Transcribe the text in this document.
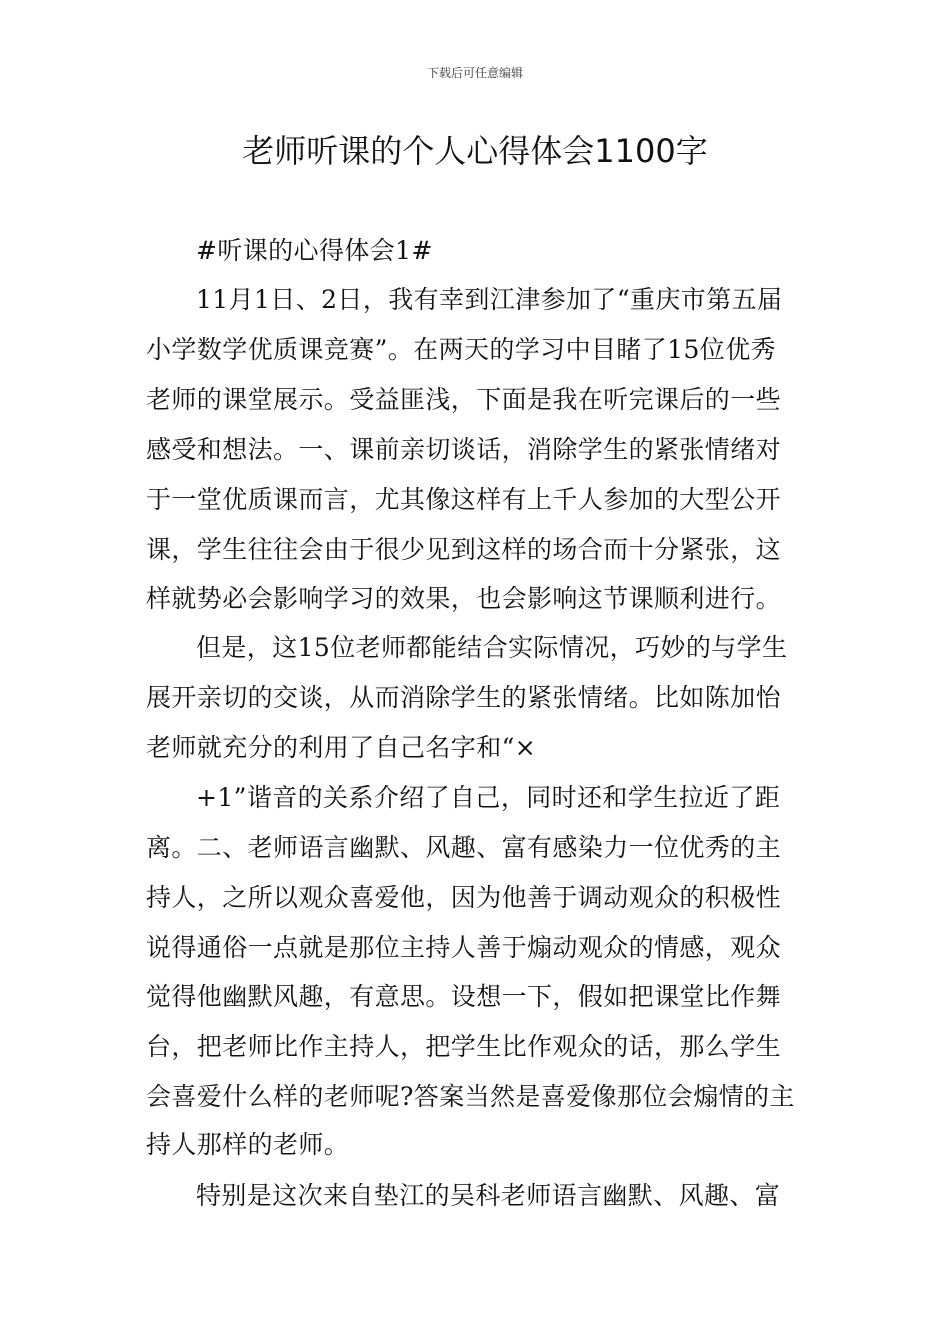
下载后可任意编辑
老师听课的个人心得体会1100字
#听课的心得体会1#
11月1日、2日，我有幸到江津参加了“重庆市第五届
小学数学优质课竞赛”。在两天的学习中目睹了15位优秀
老师的课堂展示。受益匪浅，下面是我在听完课后的一些
感受和想法。一、课前亲切谈话，消除学生的紧张情绪对
于一堂优质课而言，尤其像这样有上千人参加的大型公开
课，学生往往会由于很少见到这样的场合而十分紧张，这
样就势必会影响学习的效果，也会影响这节课顺利进行。
但是，这15位老师都能结合实际情况，巧妙的与学生
展开亲切的交谈，从而消除学生的紧张情绪。比如陈加怡
老师就充分的利用了自己名字和“×
+1”谐音的关系介绍了自己，同时还和学生拉近了距
离。二、老师语言幽默、风趣、富有感染力一位优秀的主
持人，之所以观众喜爱他，因为他善于调动观众的积极性
说得通俗一点就是那位主持人善于煽动观众的情感，观众
觉得他幽默风趣，有意思。设想一下，假如把课堂比作舞
台，把老师比作主持人，把学生比作观众的话，那么学生
会喜爱什么样的老师呢?答案当然是喜爱像那位会煽情的主
持人那样的老师。
特别是这次来自垫江的吴科老师语言幽默、风趣、富
